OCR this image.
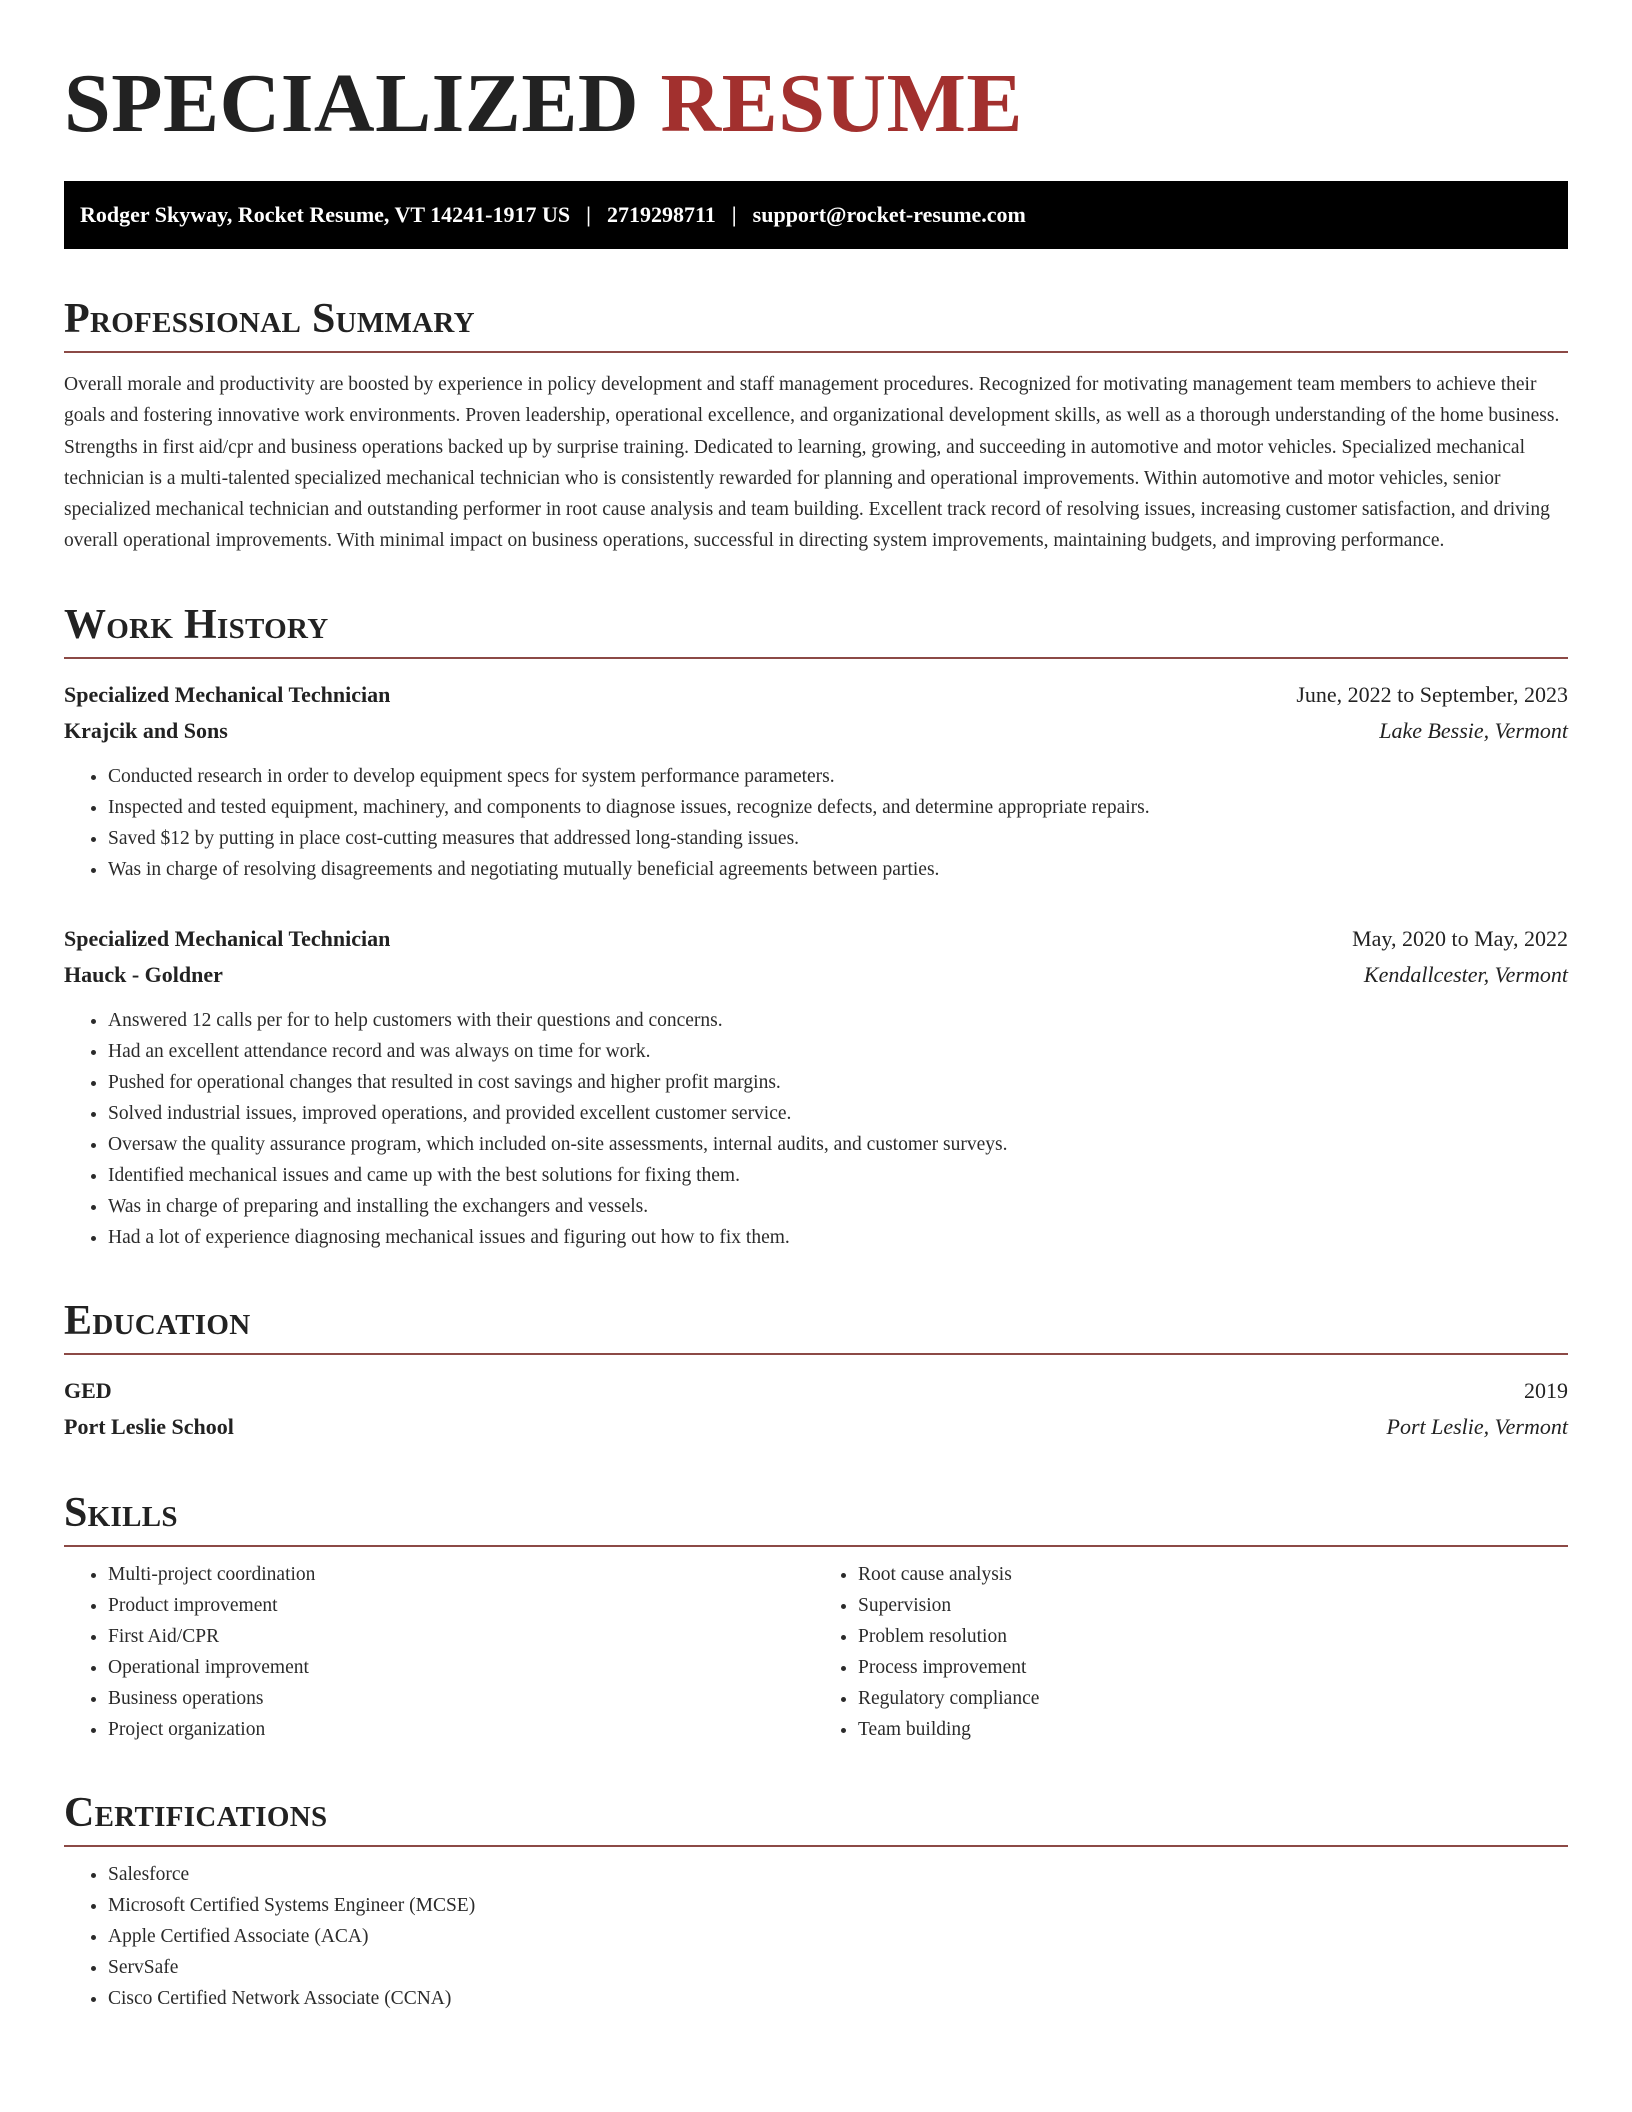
SPECIALIZED RESUME
Rodger Skyway, Rocket Resume, VT 14241-1917 US | 2719298711 | support@rocket-resume.com
Professional Summary

Overall morale and productivity are boosted by experience in policy development and staff management procedures. Recognized for motivating management team members to achieve their goals and fostering innovative work environments. Proven leadership, operational excellence, and organizational development skills, as well as a thorough understanding of the home business. Strengths in first aid/cpr and business operations backed up by surprise training. Dedicated to learning, growing, and succeeding in automotive and motor vehicles. Specialized mechanical technician is a multi-talented specialized mechanical technician who is consistently rewarded for planning and operational improvements. Within automotive and motor vehicles, senior specialized mechanical technician and outstanding performer in root cause analysis and team building. Excellent track record of resolving issues, increasing customer satisfaction, and driving overall operational improvements. With minimal impact on business operations, successful in directing system improvements, maintaining budgets, and improving performance.

Work History
Specialized Mechanical Technician	June, 2022 to September, 2023
Krajcik and Sons	Lake Bessie, Vermont
• Conducted research in order to develop equipment specs for system performance parameters.
• Inspected and tested equipment, machinery, and components to diagnose issues, recognize defects, and determine appropriate repairs.
• Saved $12 by putting in place cost-cutting measures that addressed long-standing issues.
• Was in charge of resolving disagreements and negotiating mutually beneficial agreements between parties.
Specialized Mechanical Technician	May, 2020 to May, 2022
Hauck - Goldner	Kendallcester, Vermont
• Answered 12 calls per for to help customers with their questions and concerns.
• Had an excellent attendance record and was always on time for work.
• Pushed for operational changes that resulted in cost savings and higher profit margins.
• Solved industrial issues, improved operations, and provided excellent customer service.
• Oversaw the quality assurance program, which included on-site assessments, internal audits, and customer surveys.
• Identified mechanical issues and came up with the best solutions for fixing them.
• Was in charge of preparing and installing the exchangers and vessels.
• Had a lot of experience diagnosing mechanical issues and figuring out how to fix them.
Education
GED	2019
Port Leslie School	Port Leslie, Vermont
Skills
• Multi-project coordination
• Product improvement
• First Aid/CPR
• Operational improvement
• Business operations
• Project organization
• Root cause analysis
• Supervision
• Problem resolution
• Process improvement
• Regulatory compliance
• Team building
Certifications
• Salesforce
• Microsoft Certified Systems Engineer (MCSE)
• Apple Certified Associate (ACA)
• ServSafe
• Cisco Certified Network Associate (CCNA)
